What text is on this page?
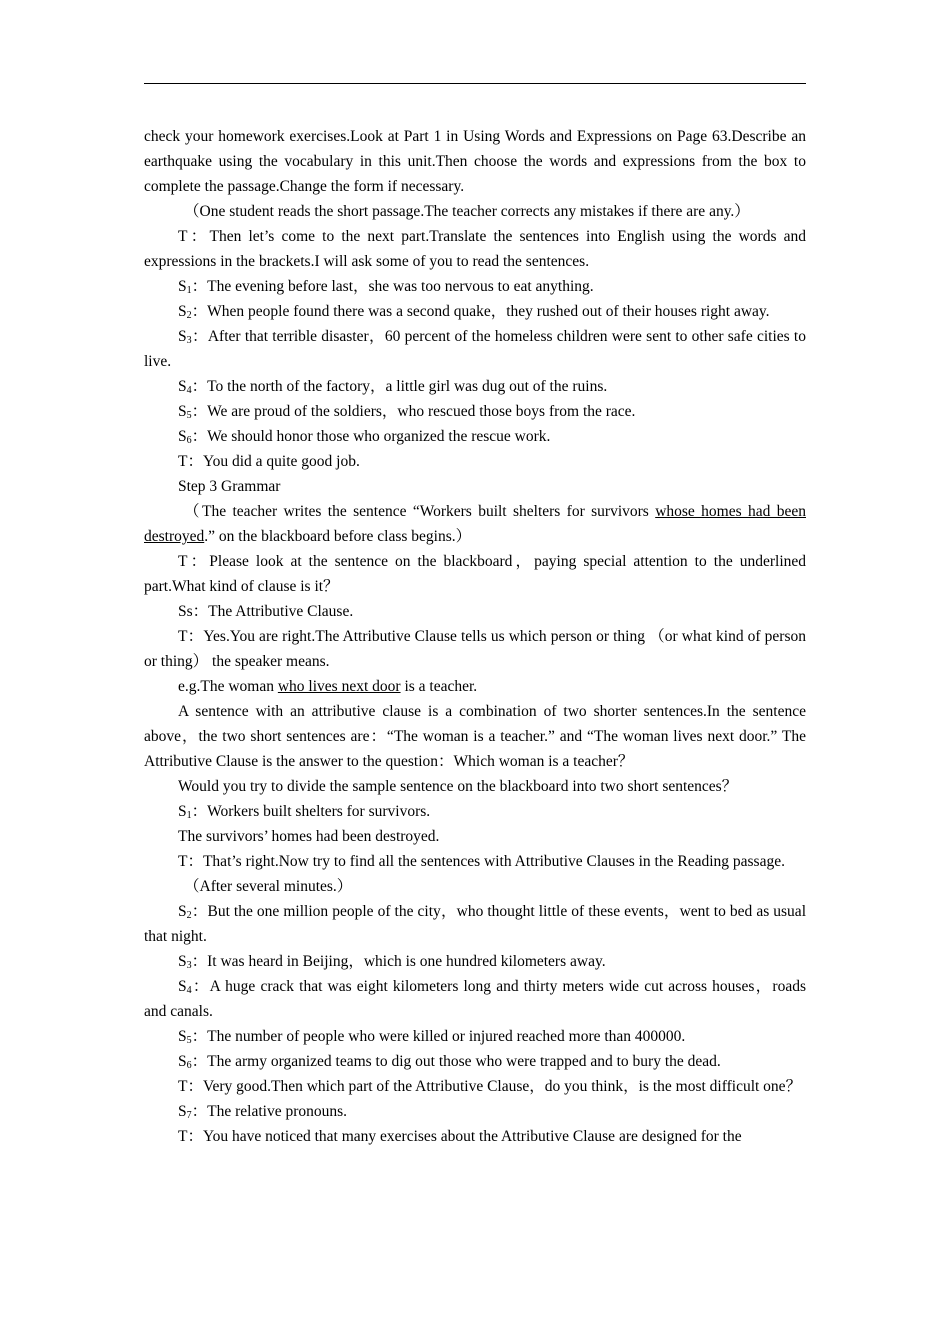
check your homework exercises.Look at Part 1 in Using Words and Expressions on Page 63.Describe an earthquake using the vocabulary in this unit.Then choose the words and expressions from the box to complete the passage.Change the form if necessary.

（One student reads the short passage.The teacher corrects any mistakes if there are any.）

T：Then let’s come to the next part.Translate the sentences into English using the words and expressions in the brackets.I will ask some of you to read the sentences.

$S_1$：The evening before last，she was too nervous to eat anything.

$S_2$：When people found there was a second quake，they rushed out of their houses right away.

$S_3$：After that terrible disaster，60 percent of the homeless children were sent to other safe cities to live.

$S_4$：To the north of the factory，a little girl was dug out of the ruins.

$S_5$：We are proud of the soldiers，who rescued those boys from the race.

$S_6$：We should honor those who organized the rescue work.

T：You did a quite good job.

Step 3 Grammar

（The teacher writes the sentence “Workers built shelters for survivors whose homes had been destroyed.” on the blackboard before class begins.）

T：Please look at the sentence on the blackboard，paying special attention to the underlined part.What kind of clause is it？

Ss：The Attributive Clause.

T：Yes.You are right.The Attributive Clause tells us which person or thing （or what kind of person or thing） the speaker means.

e.g.The woman who lives next door is a teacher.

A sentence with an attributive clause is a combination of two shorter sentences.In the sentence above，the two short sentences are：“The woman is a teacher.” and “The woman lives next door.” The Attributive Clause is the answer to the question：Which woman is a teacher？

Would you try to divide the sample sentence on the blackboard into two short sentences？

$S_1$：Workers built shelters for survivors.

The survivors’ homes had been destroyed.

T：That’s right.Now try to find all the sentences with Attributive Clauses in the Reading passage.

（After several minutes.）

$S_2$：But the one million people of the city，who thought little of these events，went to bed as usual that night.

$S_3$：It was heard in Beijing，which is one hundred kilometers away.

$S_4$：A huge crack that was eight kilometers long and thirty meters wide cut across houses，roads and canals.

$S_5$：The number of people who were killed or injured reached more than 400000.

$S_6$：The army organized teams to dig out those who were trapped and to bury the dead.

T：Very good.Then which part of the Attributive Clause，do you think，is the most difficult one？

$S_7$：The relative pronouns.

T：You have noticed that many exercises about the Attributive Clause are designed for the
